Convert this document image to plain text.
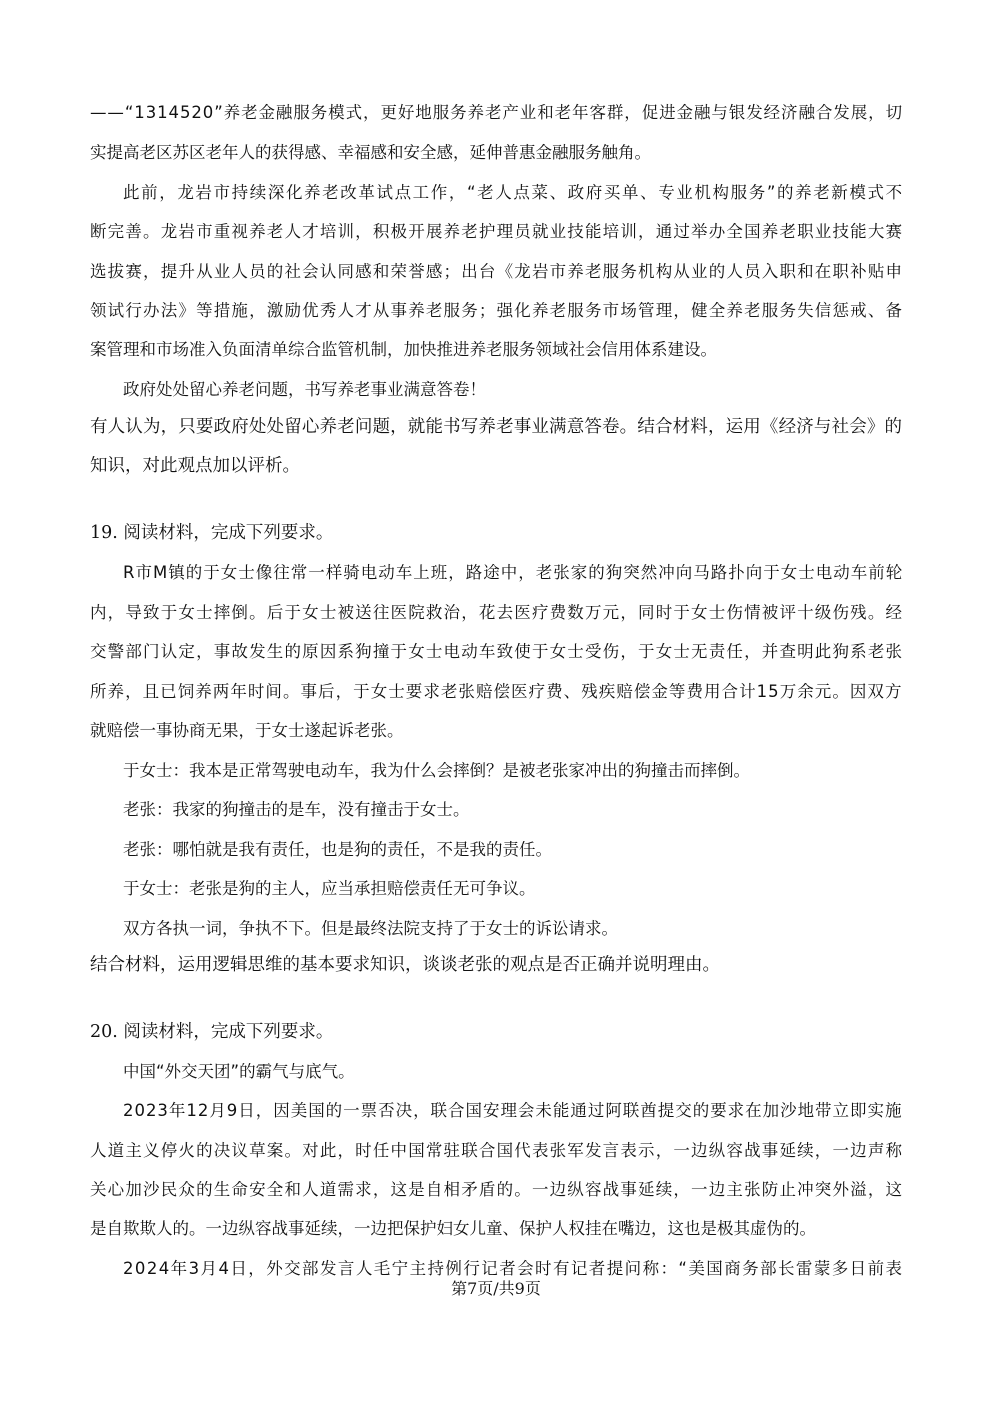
——“1314520”养老金融服务模式，更好地服务养老产业和老年客群，促进金融与银发经济融合发展，切

实提高老区苏区老年人的获得感、幸福感和安全感，延伸普惠金融服务触角。

此前，龙岩市持续深化养老改革试点工作，“老人点菜、政府买单、专业机构服务”的养老新模式不

断完善。龙岩市重视养老人才培训，积极开展养老护理员就业技能培训，通过举办全国养老职业技能大赛

选拔赛，提升从业人员的社会认同感和荣誉感；出台《龙岩市养老服务机构从业的人员入职和在职补贴申

领试行办法》等措施，激励优秀人才从事养老服务；强化养老服务市场管理，健全养老服务失信惩戒、备

案管理和市场准入负面清单综合监管机制，加快推进养老服务领域社会信用体系建设。

政府处处留心养老问题，书写养老事业满意答卷！

有人认为，只要政府处处留心养老问题，就能书写养老事业满意答卷。结合材料，运用《经济与社会》的

知识，对此观点加以评析。

19. 阅读材料，完成下列要求。

R市M镇的于女士像往常一样骑电动车上班，路途中，老张家的狗突然冲向马路扑向于女士电动车前轮

内，导致于女士摔倒。后于女士被送往医院救治，花去医疗费数万元，同时于女士伤情被评十级伤残。经

交警部门认定，事故发生的原因系狗撞于女士电动车致使于女士受伤，于女士无责任，并查明此狗系老张

所养，且已饲养两年时间。事后，于女士要求老张赔偿医疗费、残疾赔偿金等费用合计15万余元。因双方

就赔偿一事协商无果，于女士遂起诉老张。

于女士：我本是正常驾驶电动车，我为什么会摔倒？是被老张家冲出的狗撞击而摔倒。

老张：我家的狗撞击的是车，没有撞击于女士。

老张：哪怕就是我有责任，也是狗的责任，不是我的责任。

于女士：老张是狗的主人，应当承担赔偿责任无可争议。

双方各执一词，争执不下。但是最终法院支持了于女士的诉讼请求。

结合材料，运用逻辑思维的基本要求知识，谈谈老张的观点是否正确并说明理由。

20. 阅读材料，完成下列要求。

中国“外交天团”的霸气与底气。

2023年12月9日，因美国的一票否决，联合国安理会未能通过阿联酋提交的要求在加沙地带立即实施

人道主义停火的决议草案。对此，时任中国常驻联合国代表张军发言表示，一边纵容战事延续，一边声称

关心加沙民众的生命安全和人道需求，这是自相矛盾的。一边纵容战事延续，一边主张防止冲突外溢，这

是自欺欺人的。一边纵容战事延续，一边把保护妇女儿童、保护人权挂在嘴边，这也是极其虚伪的。

2024年3月4日，外交部发言人毛宁主持例行记者会时有记者提问称：“美国商务部长雷蒙多日前表

第7页/共9页
